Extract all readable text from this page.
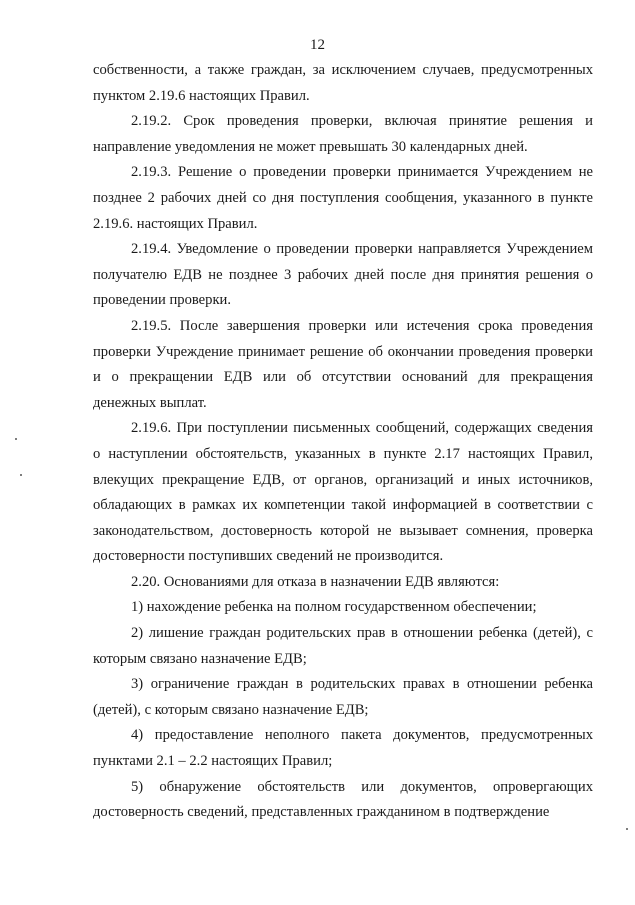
12

собственности, а также граждан, за исключением случаев, предусмотренных пунктом 2.19.6 настоящих Правил.

2.19.2. Срок проведения проверки, включая принятие решения и направление уведомления не может превышать 30 календарных дней.

2.19.3. Решение о проведении проверки принимается Учреждением не позднее 2 рабочих дней со дня поступления сообщения, указанного в пункте 2.19.6. настоящих Правил.

2.19.4. Уведомление о проведении проверки направляется Учреждением получателю ЕДВ не позднее 3 рабочих дней после дня принятия решения о проведении проверки.

2.19.5. После завершения проверки или истечения срока проведения проверки Учреждение принимает решение об окончании проведения проверки и о прекращении ЕДВ или об отсутствии оснований для прекращения денежных выплат.

2.19.6. При поступлении письменных сообщений, содержащих сведения о наступлении обстоятельств, указанных в пункте 2.17 настоящих Правил, влекущих прекращение ЕДВ, от органов, организаций и иных источников, обладающих в рамках их компетенции такой информацией в соответствии с законодательством, достоверность которой не вызывает сомнения, проверка достоверности поступивших сведений не производится.

2.20. Основаниями для отказа в назначении ЕДВ являются:

1) нахождение ребенка на полном государственном обеспечении;

2) лишение граждан родительских прав в отношении ребенка (детей), с которым связано назначение ЕДВ;

3) ограничение граждан в родительских правах в отношении ребенка (детей), с которым связано назначение ЕДВ;

4) предоставление неполного пакета документов, предусмотренных пунктами 2.1 – 2.2 настоящих Правил;

5) обнаружение обстоятельств или документов, опровергающих достоверность сведений, представленных гражданином в подтверждение
